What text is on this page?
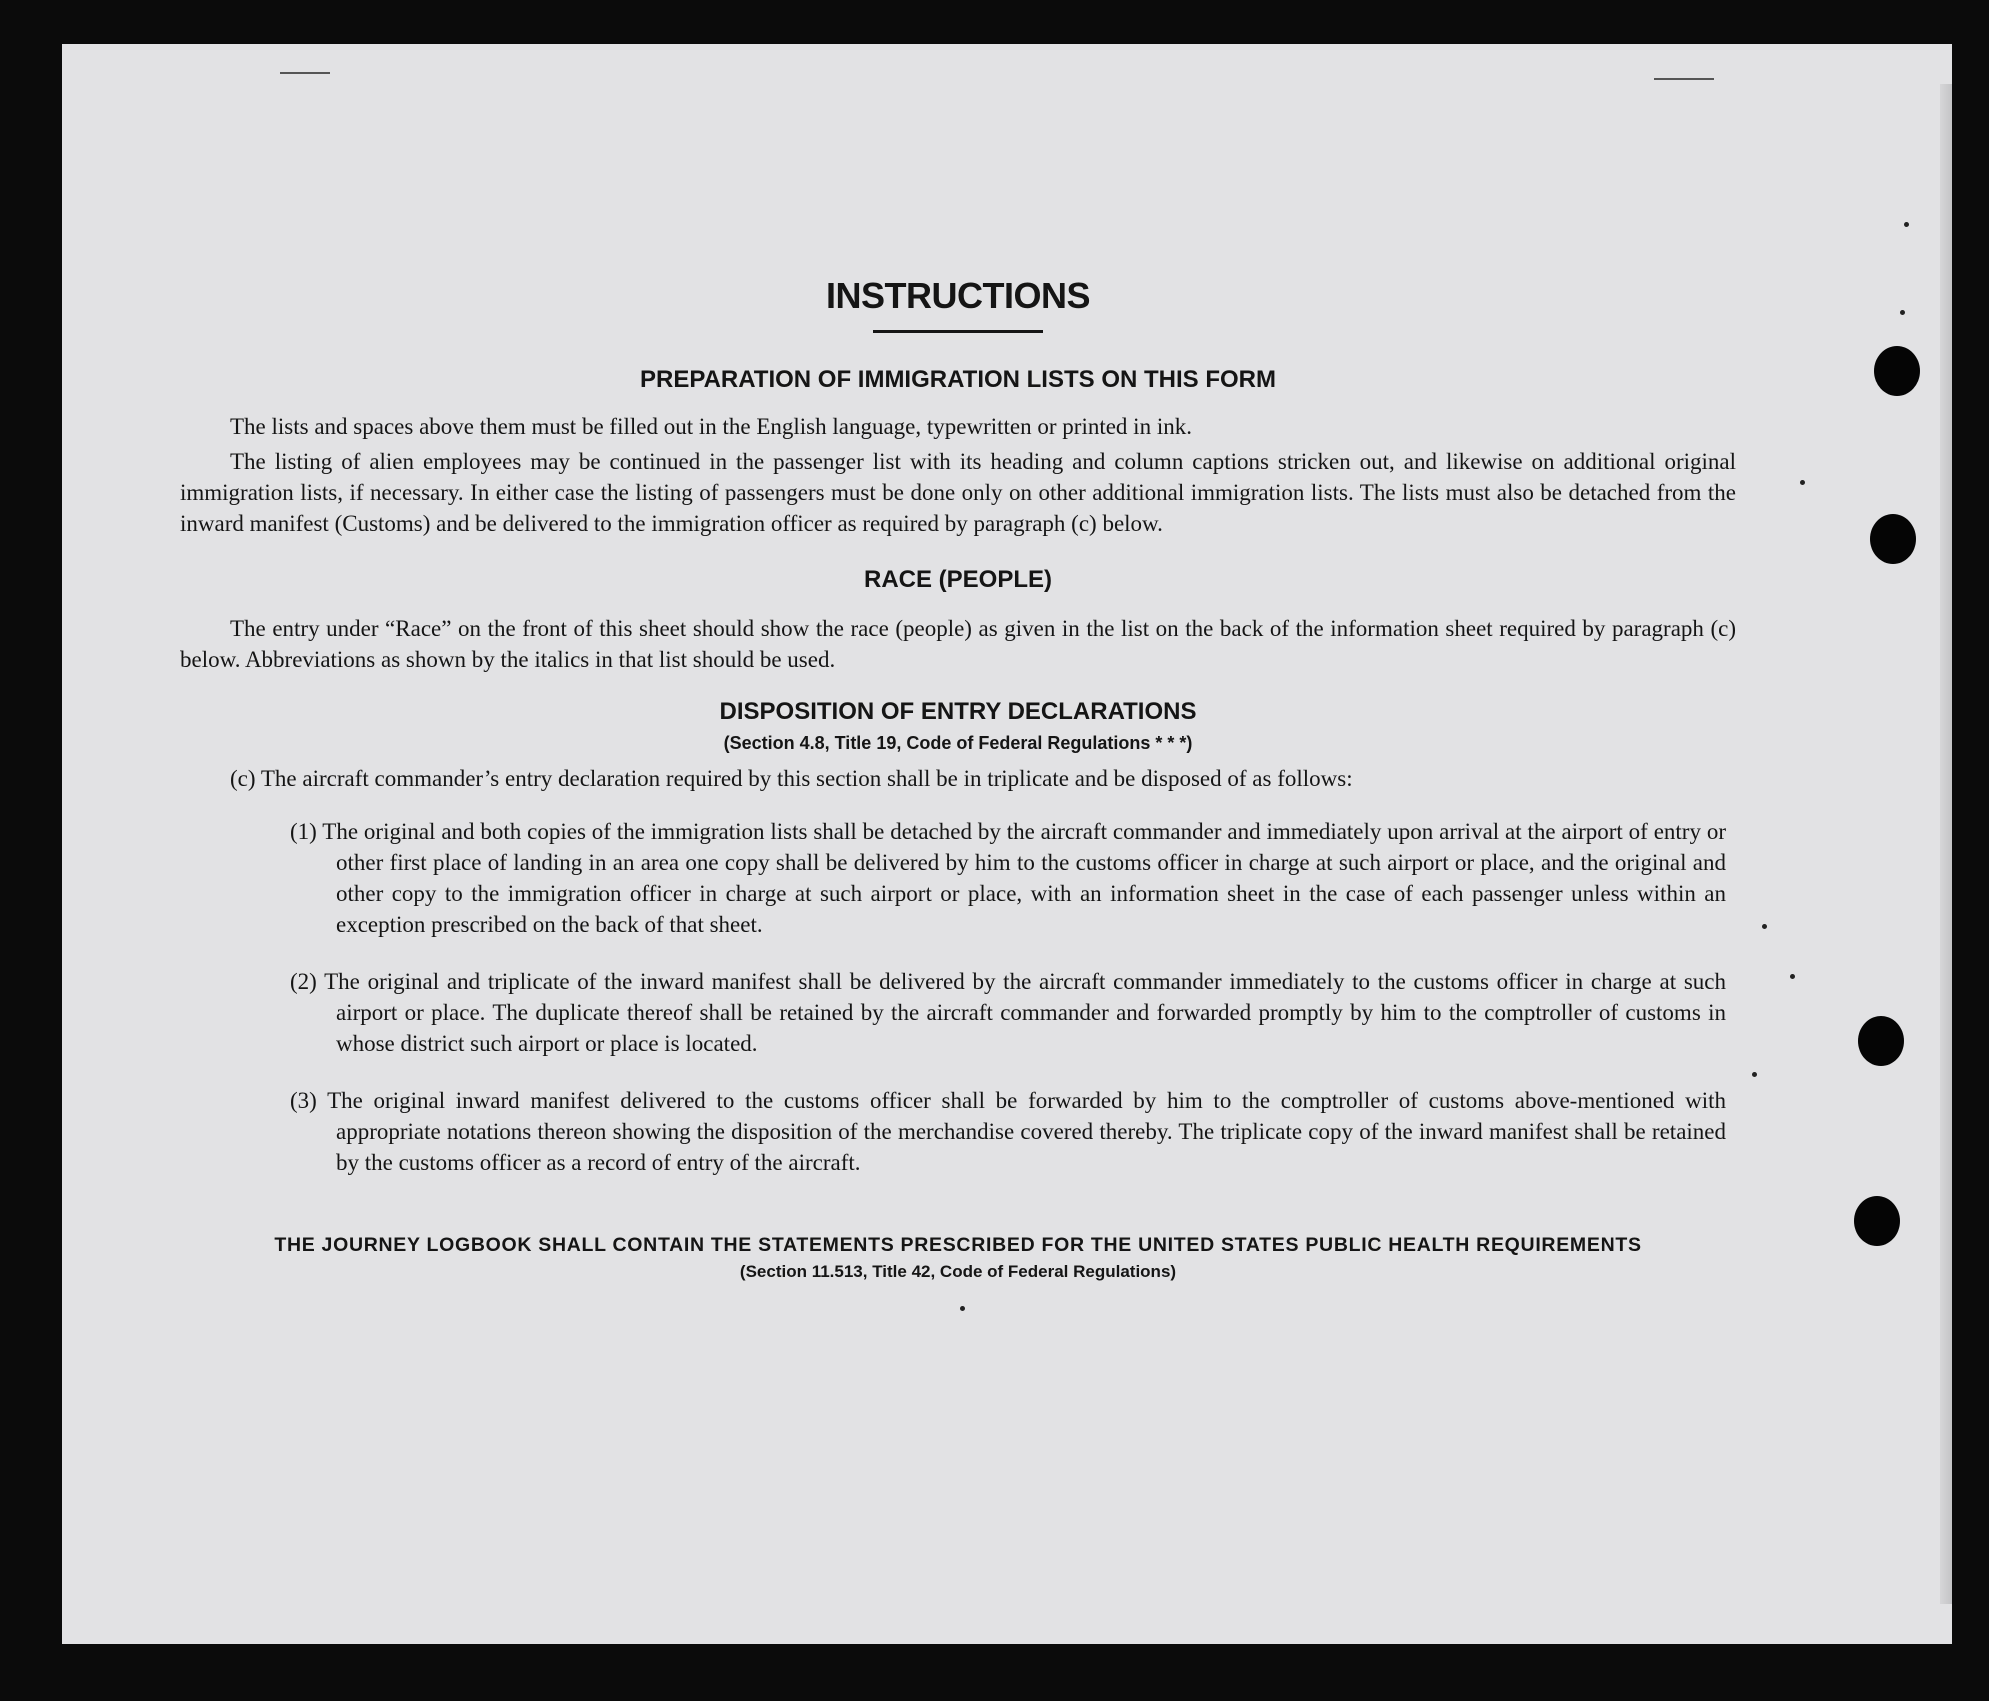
INSTRUCTIONS
PREPARATION OF IMMIGRATION LISTS ON THIS FORM

The lists and spaces above them must be filled out in the English language, typewritten or printed in ink.

The listing of alien employees may be continued in the passenger list with its heading and column captions stricken out, and likewise on additional original immigration lists, if necessary. In either case the listing of passengers must be done only on other additional immigration lists. The lists must also be detached from the inward manifest (Customs) and be delivered to the immigration officer as required by paragraph (c) below.

RACE (PEOPLE)

The entry under “Race” on the front of this sheet should show the race (people) as given in the list on the back of the information sheet required by paragraph (c) below. Abbreviations as shown by the italics in that list should be used.

DISPOSITION OF ENTRY DECLARATIONS
(Section 4.8, Title 19, Code of Federal Regulations * * *)

(c) The aircraft commander’s entry declaration required by this section shall be in triplicate and be disposed of as follows:

(1) The original and both copies of the immigration lists shall be detached by the aircraft commander and immediately upon arrival at the airport of entry or other first place of landing in an area one copy shall be delivered by him to the customs officer in charge at such airport or place, and the original and other copy to the immigration officer in charge at such airport or place, with an information sheet in the case of each passenger unless within an exception prescribed on the back of that sheet.

(2) The original and triplicate of the inward manifest shall be delivered by the aircraft commander immediately to the customs officer in charge at such airport or place. The duplicate thereof shall be retained by the aircraft commander and forwarded promptly by him to the comptroller of customs in whose district such airport or place is located.

(3) The original inward manifest delivered to the customs officer shall be forwarded by him to the comptroller of customs above-mentioned with appropriate notations thereon showing the disposition of the merchandise covered thereby. The triplicate copy of the inward manifest shall be retained by the customs officer as a record of entry of the aircraft.

THE JOURNEY LOGBOOK SHALL CONTAIN THE STATEMENTS PRESCRIBED FOR THE UNITED STATES PUBLIC HEALTH REQUIREMENTS
(Section 11.513, Title 42, Code of Federal Regulations)
